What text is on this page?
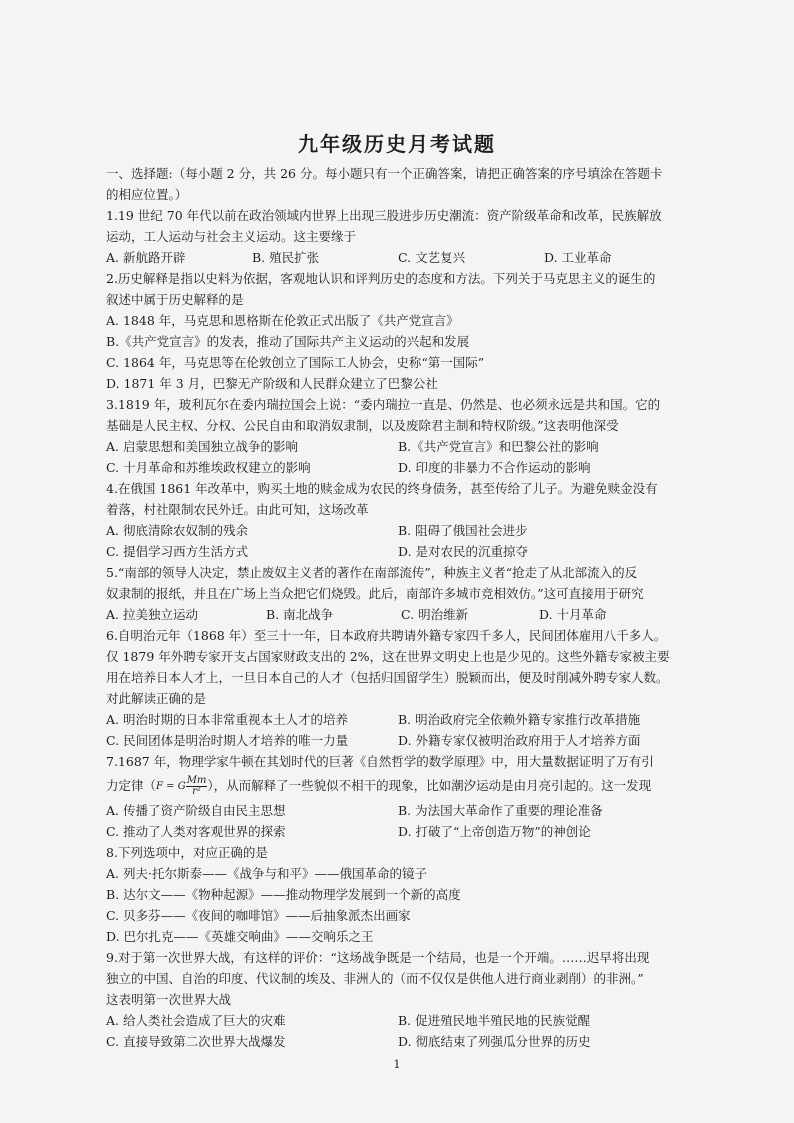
九年级历史月考试题
一、选择题:（每小题 2 分，共 26 分。每小题只有一个正确答案，请把正确答案的序号填涂在答题卡
的相应位置。）
1.19 世纪 70 年代以前在政治领域内世界上出现三股进步历史潮流：资产阶级革命和改革，民族解放
运动，工人运动与社会主义运动。这主要缘于
A. 新航路开辟	B. 殖民扩张	C. 文艺复兴	D. 工业革命
2.历史解释是指以史料为依据，客观地认识和评判历史的态度和方法。下列关于马克思主义的诞生的
叙述中属于历史解释的是
A. 1848 年，马克思和恩格斯在伦敦正式出版了《共产党宣言》
B.《共产党宣言》的发表，推动了国际共产主义运动的兴起和发展
C. 1864 年，马克思等在伦敦创立了国际工人协会，史称“第一国际”
D. 1871 年 3 月，巴黎无产阶级和人民群众建立了巴黎公社
3.1819 年，玻利瓦尔在委内瑞拉国会上说：“委内瑞拉一直是、仍然是、也必须永远是共和国。它的
基础是人民主权、分权、公民自由和取消奴隶制，以及废除君主制和特权阶级。”这表明他深受
A. 启蒙思想和美国独立战争的影响	B.《共产党宣言》和巴黎公社的影响
C. 十月革命和苏维埃政权建立的影响	D. 印度的非暴力不合作运动的影响
4.在俄国 1861 年改革中，购买土地的赎金成为农民的终身债务，甚至传给了儿子。为避免赎金没有
着落，村社限制农民外迁。由此可知，这场改革
A. 彻底清除农奴制的残余	B. 阻碍了俄国社会进步
C. 提倡学习西方生活方式	D. 是对农民的沉重掠夺
5.“南部的领导人决定，禁止废奴主义者的著作在南部流传”，种族主义者“抢走了从北部流入的反
奴隶制的报纸，并且在广场上当众把它们烧毁。此后，南部许多城市竞相效仿。”这可直接用于研究
A. 拉美独立运动	B. 南北战争	C. 明治维新	D. 十月革命
6.自明治元年（1868 年）至三十一年，日本政府共聘请外籍专家四千多人，民间团体雇用八千多人。
仅 1879 年外聘专家开支占国家财政支出的 2%，这在世界文明史上也是少见的。这些外籍专家被主要
用在培养日本人才上，一旦日本自己的人才（包括归国留学生）脱颖而出，便及时削减外聘专家人数。
对此解读正确的是
A. 明治时期的日本非常重视本土人才的培养	B. 明治政府完全依赖外籍专家推行改革措施
C. 民间团体是明治时期人才培养的唯一力量	D. 外籍专家仅被明治政府用于人才培养方面
7.1687 年，物理学家牛顿在其划时代的巨著《自然哲学的数学原理》中，用大量数据证明了万有引
力定律（F = G $\frac{Mm}{\text{r²}}$ ），从而解释了一些貌似不相干的现象，比如潮汐运动是由月亮引起的。这一发现
A. 传播了资产阶级自由民主思想	B. 为法国大革命作了重要的理论准备
C. 推动了人类对客观世界的探索	D. 打破了“上帝创造万物”的神创论
8.下列选项中，对应正确的是
A. 列夫·托尔斯泰——《战争与和平》——俄国革命的镜子
B. 达尔文——《物种起源》——推动物理学发展到一个新的高度
C. 贝多芬——《夜间的咖啡馆》——后抽象派杰出画家
D. 巴尔扎克——《英雄交响曲》——交响乐之王
9.对于第一次世界大战，有这样的评价：“这场战争既是一个结局，也是一个开端。……迟早将出现
独立的中国、自治的印度、代议制的埃及、非洲人的（而不仅仅是供他人进行商业剥削）的非洲。”
这表明第一次世界大战
A. 给人类社会造成了巨大的灾难	B. 促进殖民地半殖民地的民族觉醒
C. 直接导致第二次世界大战爆发	D. 彻底结束了列强瓜分世界的历史
1
